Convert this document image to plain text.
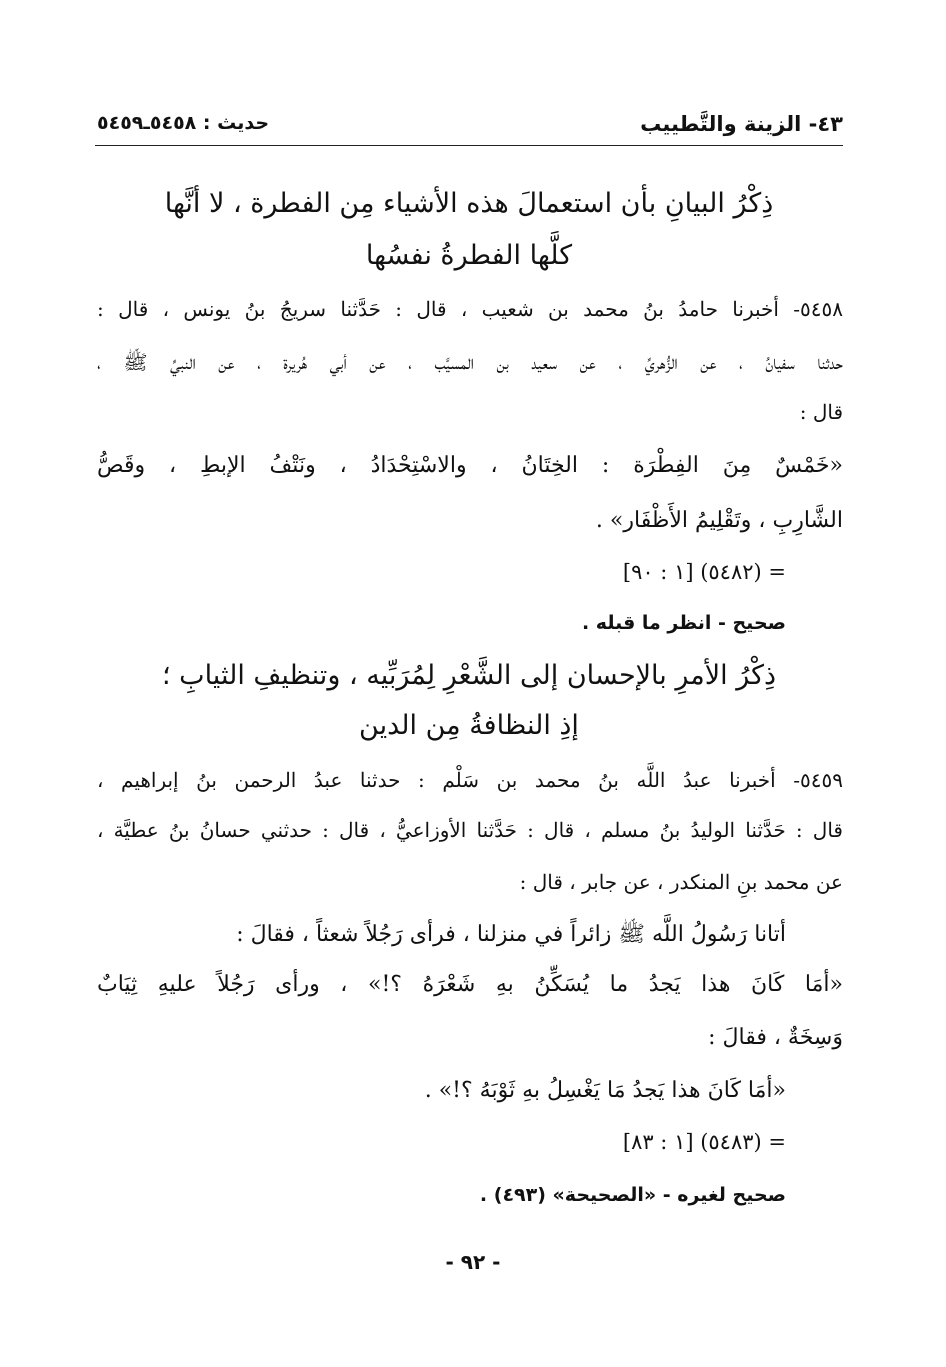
٤٣- الزينة والتَّطييب
حديث : ٥٤٥٨ـ٥٤٥٩
ذِكْرُ البيانِ بأن استعمالَ هذه الأشياء مِن الفطرة ، لا أنَّها
كلَّها الفطرةُ نفسُها
٥٤٥٨- أخبرنا حامدُ بنُ محمد بن شعيب ، قال : حَدَّثنا سريجُ بنُ يونس ، قال :
حدثنا سفيانُ ، عن الزُّهريِّ ، عن سعيد بن المسيَّب ، عن أبي هُريرة ، عن النبيِّ ﷺ ،
قال :
«خَمْسٌ مِنَ الفِطْرَة : الخِتَانُ ، والاسْتِحْدَادُ ، ونَتْفُ الإبطِ ، وقَصُّ
الشَّارِبِ ، وتَقْلِيمُ الأَظْفَار» .
= (٥٤٨٢) [١ : ٩٠]
صحيح - انظر ما قبله .
ذِكْرُ الأمرِ بالإحسان إلى الشَّعْرِ لِمُرَبِّيه ، وتنظيفِ الثيابِ ؛
إذِ النظافةُ مِن الدين
٥٤٥٩- أخبرنا عبدُ اللَّه بنُ محمد بن سَلْم : حدثنا عبدُ الرحمن بنُ إبراهيم ،
قال : حَدَّثنا الوليدُ بنُ مسلم ، قال : حَدَّثنا الأوزاعيُّ ، قال : حدثني حسانُ بنُ عطيَّة ،
عن محمد بنِ المنكدر ، عن جابر ، قال :
أتانا رَسُولُ اللَّه ﷺ زائراً في منزلنا ، فرأى رَجُلاً شعثاً ، فقالَ :
«أمَا كَانَ هذا يَجدُ ما يُسَكِّنُ بهِ شَعْرَهُ ؟!» ، ورأى رَجُلاً عليهِ ثِيَابٌ
وَسِخَةٌ ، فقالَ :
«أمَا كَانَ هذا يَجدُ مَا يَغْسِلُ بهِ ثَوْبَهُ ؟!» .
= (٥٤٨٣) [١ : ٨٣]
صحيح لغيره - «الصحيحة» (٤٩٣) .
- ٩٢ -
